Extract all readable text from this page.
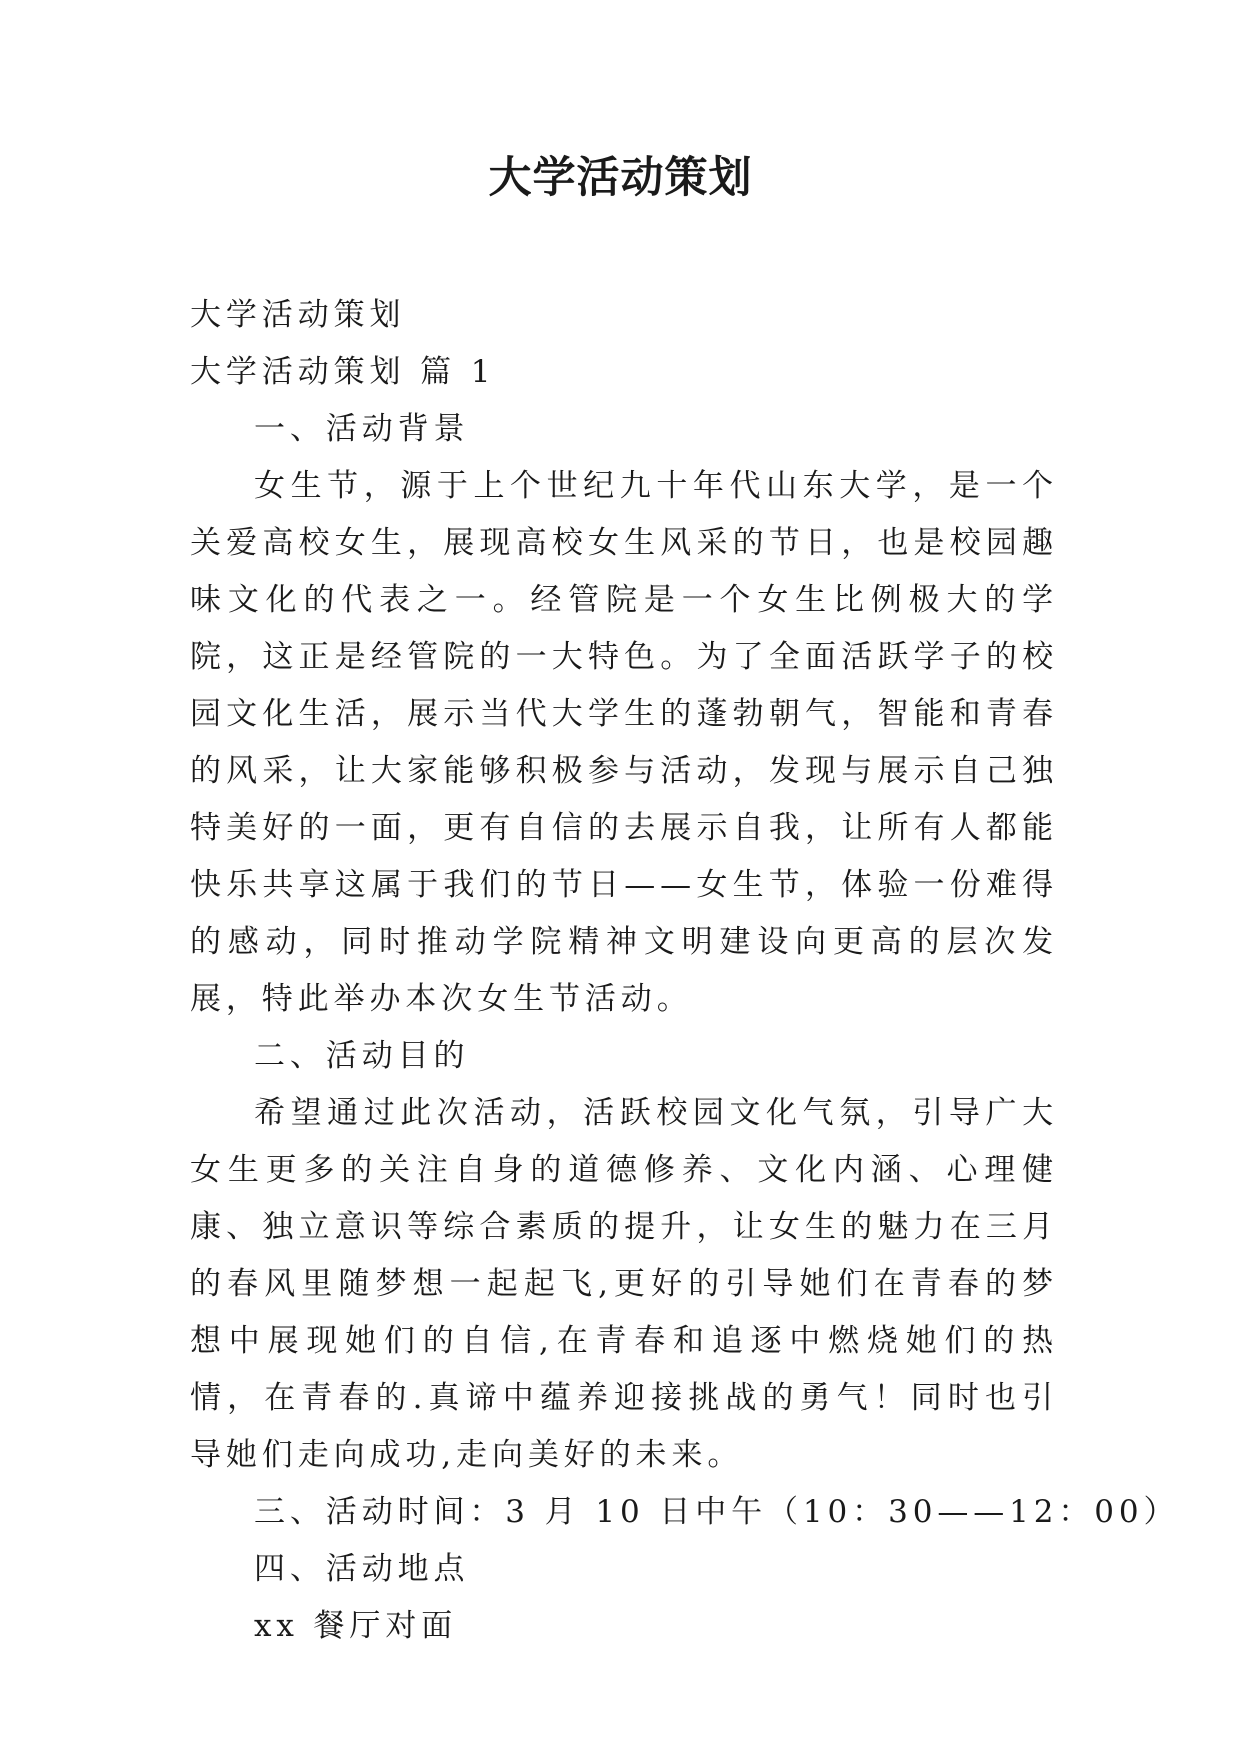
大学活动策划

大学活动策划

大学活动策划 篇 1

一、活动背景

女生节，源于上个世纪九十年代山东大学，是一个关爱高校女生，展现高校女生风采的节日，也是校园趣味文化的代表之一。经管院是一个女生比例极大的学院，这正是经管院的一大特色。为了全面活跃学子的校园文化生活，展示当代大学生的蓬勃朝气，智能和青春的风采，让大家能够积极参与活动，发现与展示自己独特美好的一面，更有自信的去展示自我，让所有人都能快乐共享这属于我们的节日——女生节，体验一份难得的感动，同时推动学院精神文明建设向更高的层次发展，特此举办本次女生节活动。

二、活动目的

希望通过此次活动，活跃校园文化气氛，引导广大女生更多的关注自身的道德修养、文化内涵、心理健康、独立意识等综合素质的提升，让女生的魅力在三月的春风里随梦想一起起飞,更好的引导她们在青春的梦想中展现她们的自信,在青春和追逐中燃烧她们的热情，在青春的.真谛中蕴养迎接挑战的勇气！同时也引导她们走向成功,走向美好的未来。

三、活动时间：3 月 10 日中午（10：30——12：00）

四、活动地点

xx 餐厅对面
